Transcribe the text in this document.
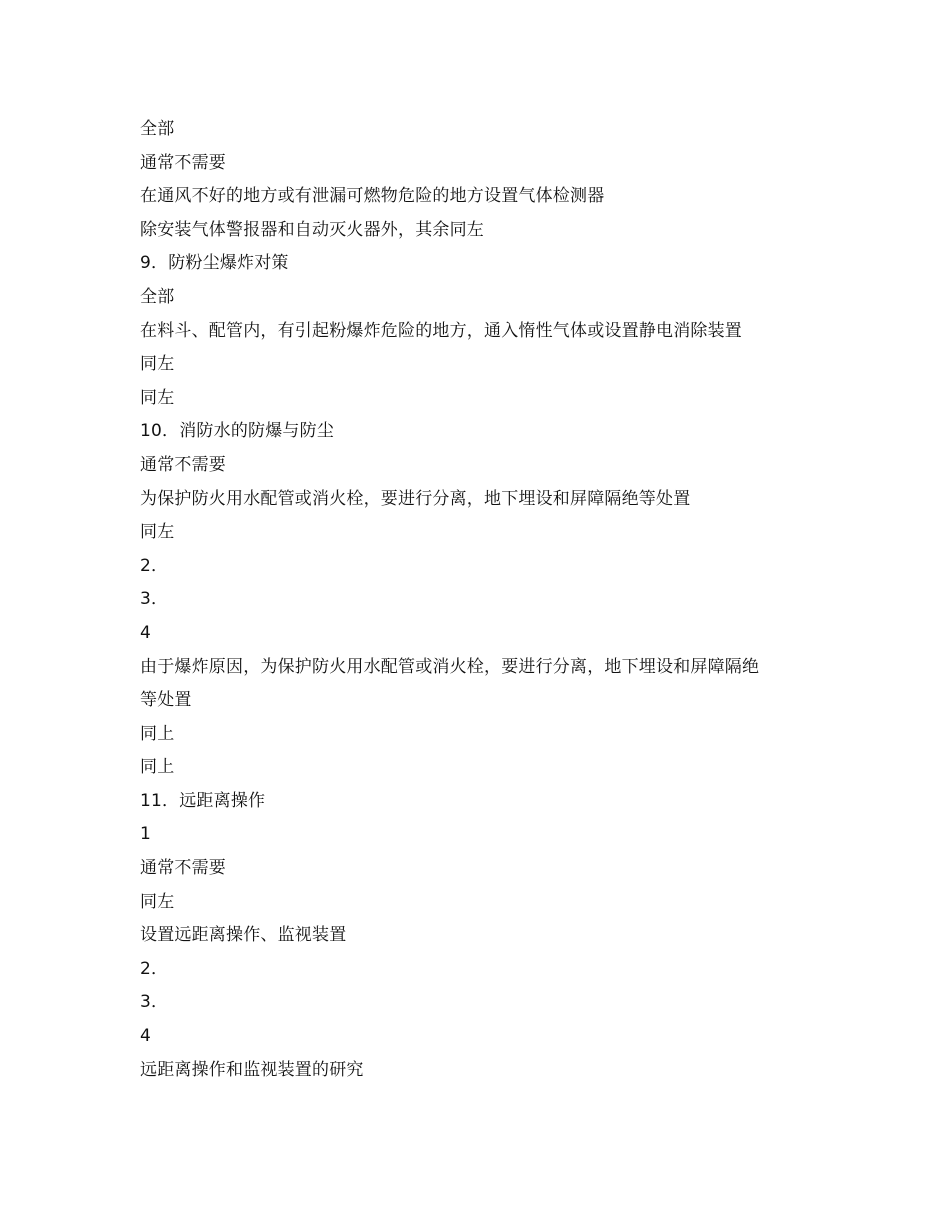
全部
通常不需要
在通风不好的地方或有泄漏可燃物危险的地方设置气体检测器
除安装气体警报器和自动灭火器外，其余同左
9．防粉尘爆炸对策
全部
在料斗、配管内，有引起粉爆炸危险的地方，通入惰性气体或设置静电消除装置
同左
同左
10．消防水的防爆与防尘
通常不需要
为保护防火用水配管或消火栓，要进行分离，地下埋设和屏障隔绝等处置
同左
2．
3．
4
由于爆炸原因，为保护防火用水配管或消火栓，要进行分离，地下埋设和屏障隔绝
等处置
同上
同上
11．远距离操作
1
通常不需要
同左
设置远距离操作、监视装置
2．
3．
4
远距离操作和监视装置的研究
